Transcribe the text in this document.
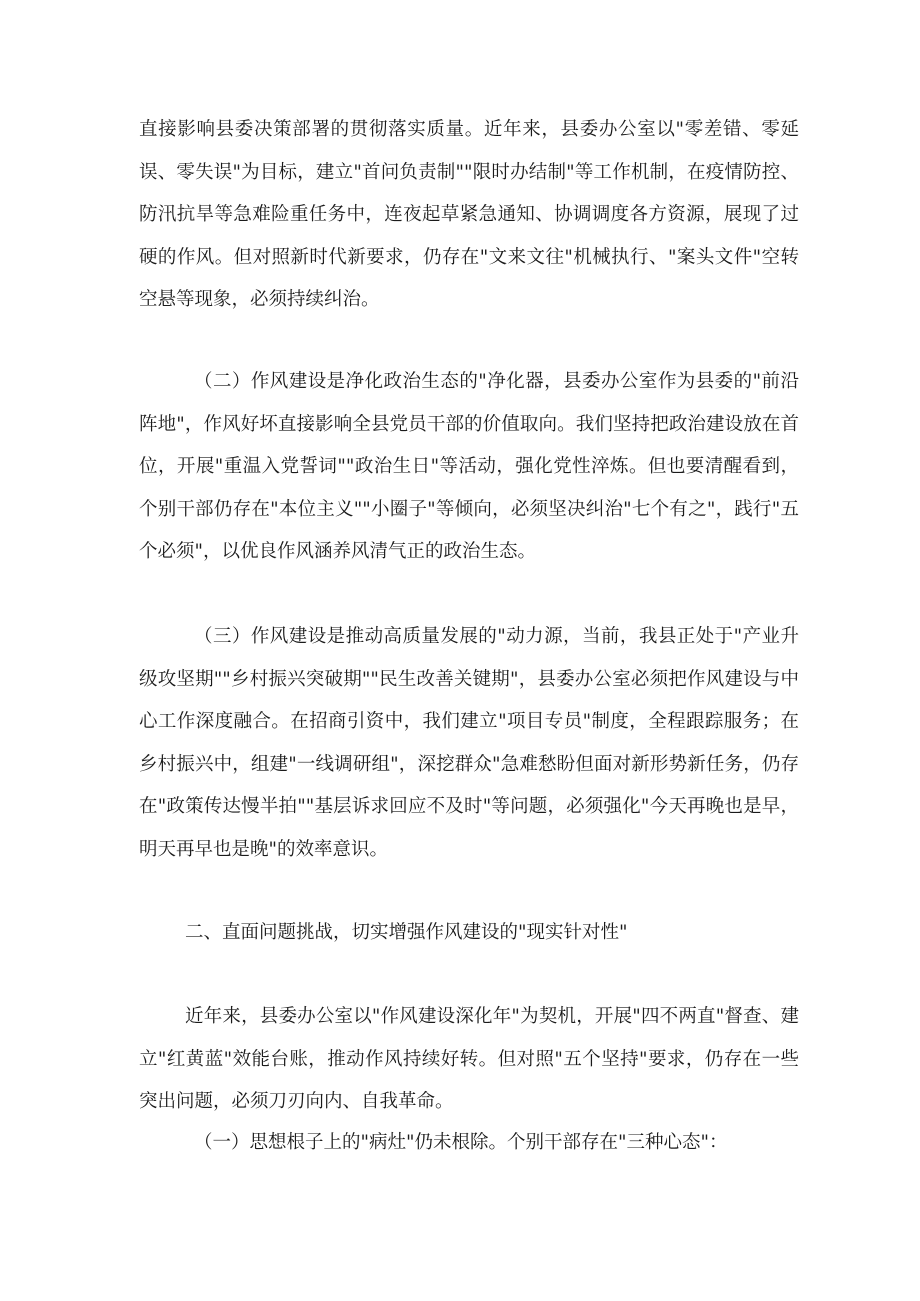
直接影响县委决策部署的贯彻落实质量。近年来，县委办公室以"零差错、零延误、零失误"为目标，建立"首问负责制""限时办结制"等工作机制，在疫情防控、防汛抗旱等急难险重任务中，连夜起草紧急通知、协调调度各方资源，展现了过硬的作风。但对照新时代新要求，仍存在"文来文往"机械执行、"案头文件"空转空悬等现象，必须持续纠治。

（二）作风建设是净化政治生态的"净化器，县委办公室作为县委的"前沿阵地"，作风好坏直接影响全县党员干部的价值取向。我们坚持把政治建设放在首位，开展"重温入党誓词""政治生日"等活动，强化党性淬炼。但也要清醒看到，个别干部仍存在"本位主义""小圈子"等倾向，必须坚决纠治"七个有之"，践行"五个必须"，以优良作风涵养风清气正的政治生态。

（三）作风建设是推动高质量发展的"动力源，当前，我县正处于"产业升级攻坚期""乡村振兴突破期""民生改善关键期"，县委办公室必须把作风建设与中心工作深度融合。在招商引资中，我们建立"项目专员"制度，全程跟踪服务；在乡村振兴中，组建"一线调研组"，深挖群众"急难愁盼但面对新形势新任务，仍存在"政策传达慢半拍""基层诉求回应不及时"等问题，必须强化"今天再晚也是早，明天再早也是晚"的效率意识。

二、直面问题挑战，切实增强作风建设的"现实针对性"

近年来，县委办公室以"作风建设深化年"为契机，开展"四不两直"督查、建立"红黄蓝"效能台账，推动作风持续好转。但对照"五个坚持"要求，仍存在一些突出问题，必须刀刃向内、自我革命。

（一）思想根子上的"病灶"仍未根除。个别干部存在"三种心态"：
